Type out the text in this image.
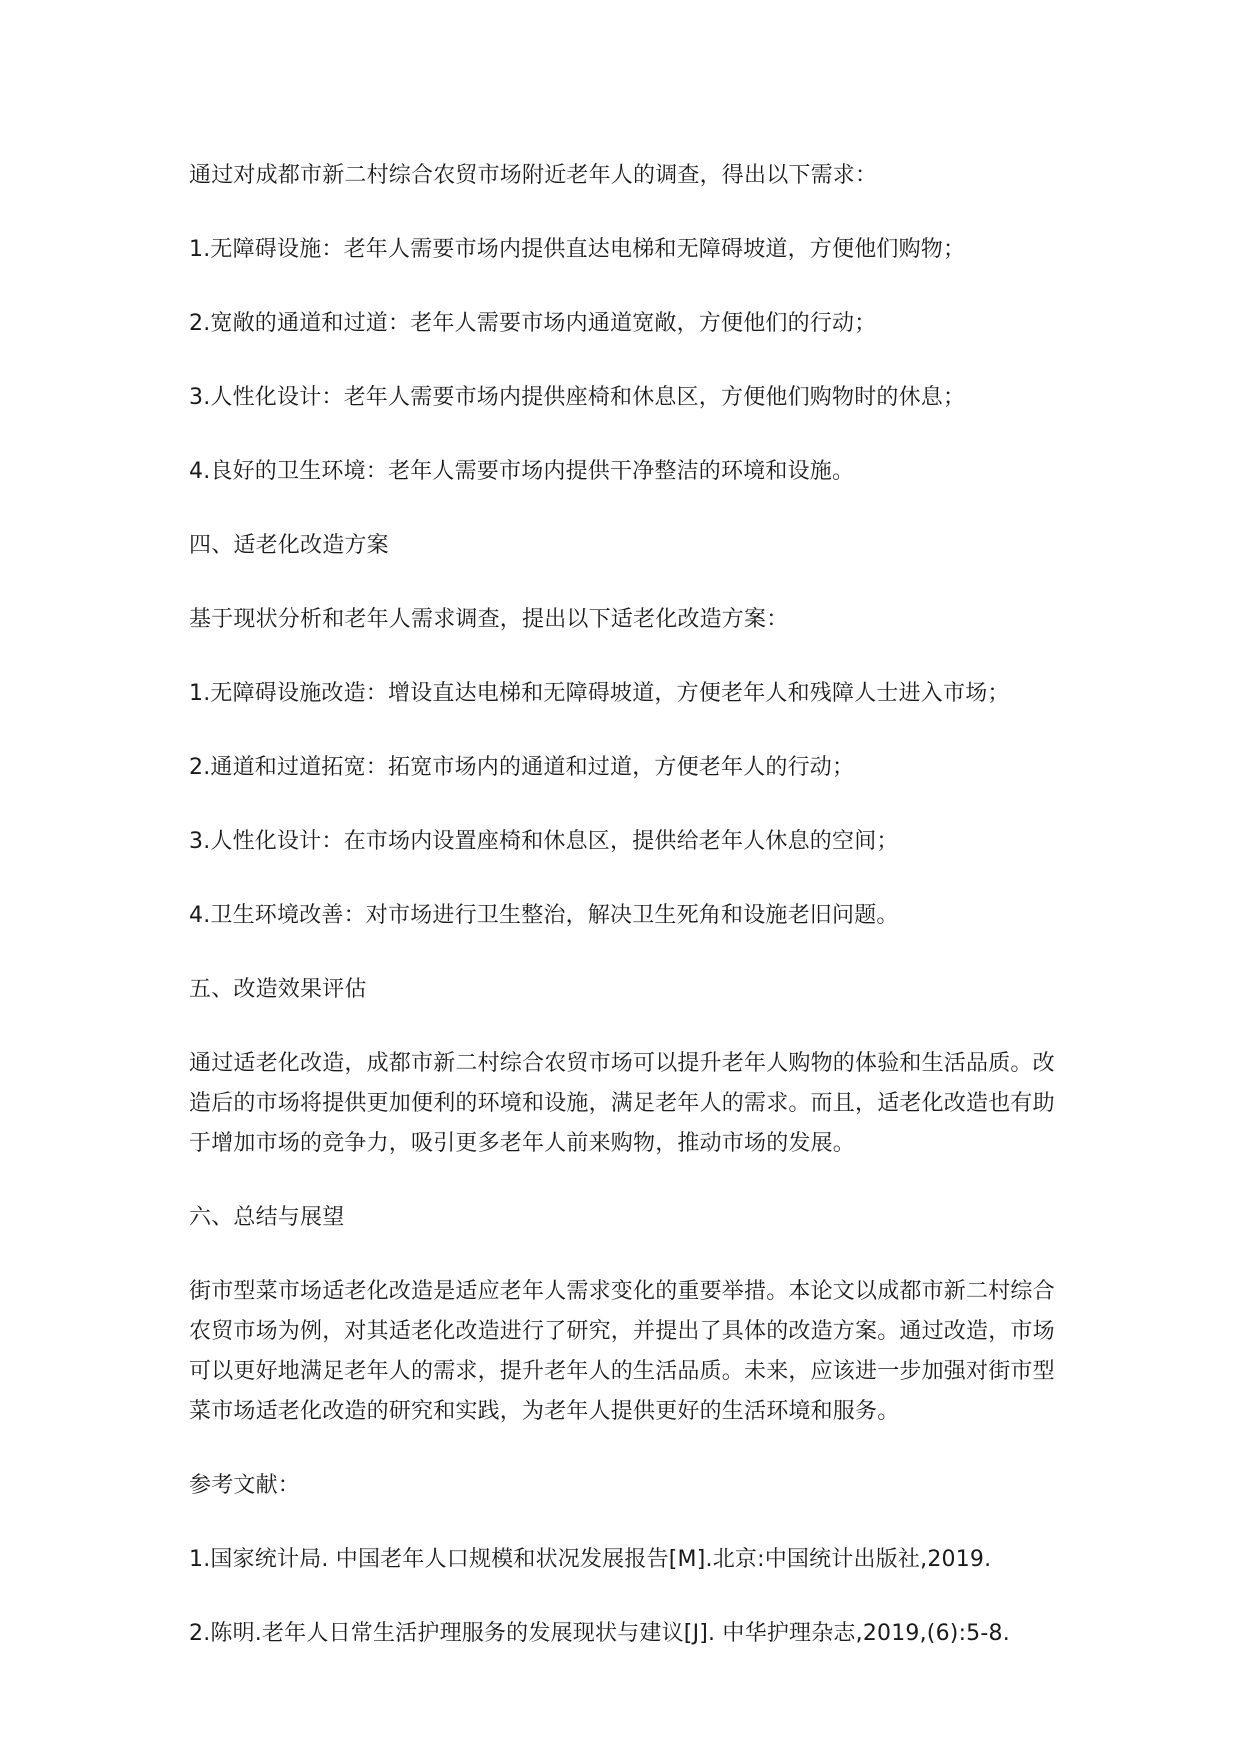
通过对成都市新二村综合农贸市场附近老年人的调查，得出以下需求：

1.无障碍设施：老年人需要市场内提供直达电梯和无障碍坡道，方便他们购物；

2.宽敞的通道和过道：老年人需要市场内通道宽敞，方便他们的行动；

3.人性化设计：老年人需要市场内提供座椅和休息区，方便他们购物时的休息；

4.良好的卫生环境：老年人需要市场内提供干净整洁的环境和设施。

四、适老化改造方案

基于现状分析和老年人需求调查，提出以下适老化改造方案：

1.无障碍设施改造：增设直达电梯和无障碍坡道，方便老年人和残障人士进入市场；

2.通道和过道拓宽：拓宽市场内的通道和过道，方便老年人的行动；

3.人性化设计：在市场内设置座椅和休息区，提供给老年人休息的空间；

4.卫生环境改善：对市场进行卫生整治，解决卫生死角和设施老旧问题。

五、改造效果评估

通过适老化改造，成都市新二村综合农贸市场可以提升老年人购物的体验和生活品质。改造后的市场将提供更加便利的环境和设施，满足老年人的需求。而且，适老化改造也有助于增加市场的竞争力，吸引更多老年人前来购物，推动市场的发展。

六、总结与展望

街市型菜市场适老化改造是适应老年人需求变化的重要举措。本论文以成都市新二村综合农贸市场为例，对其适老化改造进行了研究，并提出了具体的改造方案。通过改造，市场可以更好地满足老年人的需求，提升老年人的生活品质。未来，应该进一步加强对街市型菜市场适老化改造的研究和实践，为老年人提供更好的生活环境和服务。

参考文献：

1.国家统计局. 中国老年人口规模和状况发展报告[M].北京:中国统计出版社,2019.

2.陈明.老年人日常生活护理服务的发展现状与建议[J]. 中华护理杂志,2019,(6):5-8.
